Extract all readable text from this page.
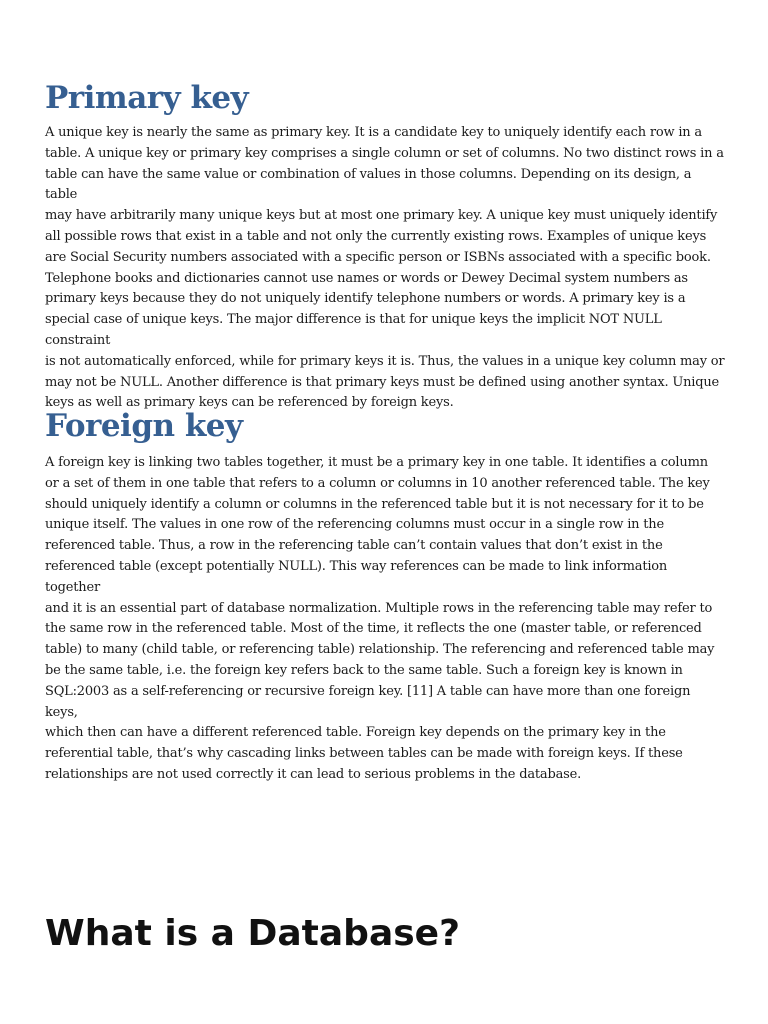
Primary key

A unique key is nearly the same as primary key. It is a candidate key to uniquely identify each row in a
table. A unique key or primary key comprises a single column or set of columns. No two distinct rows in a
table can have the same value or combination of values in those columns. Depending on its design, a table
may have arbitrarily many unique keys but at most one primary key. A unique key must uniquely identify
all possible rows that exist in a table and not only the currently existing rows. Examples of unique keys
are Social Security numbers associated with a specific person or ISBNs associated with a specific book.
Telephone books and dictionaries cannot use names or words or Dewey Decimal system numbers as
primary keys because they do not uniquely identify telephone numbers or words. A primary key is a
special case of unique keys. The major difference is that for unique keys the implicit NOT NULL constraint
is not automatically enforced, while for primary keys it is. Thus, the values in a unique key column may or
may not be NULL. Another difference is that primary keys must be defined using another syntax. Unique
keys as well as primary keys can be referenced by foreign keys.

Foreign key

A foreign key is linking two tables together, it must be a primary key in one table. It identifies a column
or a set of them in one table that refers to a column or columns in 10 another referenced table. The key
should uniquely identify a column or columns in the referenced table but it is not necessary for it to be
unique itself. The values in one row of the referencing columns must occur in a single row in the
referenced table. Thus, a row in the referencing table can’t contain values that don’t exist in the
referenced table (except potentially NULL). This way references can be made to link information together
and it is an essential part of database normalization. Multiple rows in the referencing table may refer to
the same row in the referenced table. Most of the time, it reflects the one (master table, or referenced
table) to many (child table, or referencing table) relationship. The referencing and referenced table may
be the same table, i.e. the foreign key refers back to the same table. Such a foreign key is known in
SQL:2003 as a self-referencing or recursive foreign key. [11] A table can have more than one foreign keys,
which then can have a different referenced table. Foreign key depends on the primary key in the
referential table, that’s why cascading links between tables can be made with foreign keys. If these
relationships are not used correctly it can lead to serious problems in the database.

What is a Database?
